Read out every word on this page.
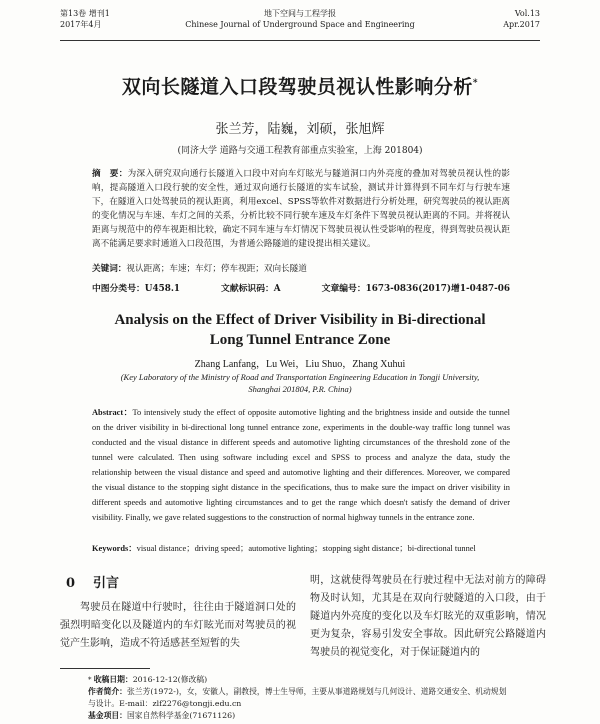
第13卷 增刊1
2017年4月
地下空间与工程学报
Chinese Journal of Underground Space and Engineering
Vol.13
Apr.2017
双向长隧道入口段驾驶员视认性影响分析*
张兰芳，陆巍，刘硕，张旭辉
(同济大学 道路与交通工程教育部重点实验室，上海 201804)
摘　要：为深入研究双向通行长隧道入口段中对向车灯眩光与隧道洞口内外亮度的叠加对驾驶员视认性的影响，提高隧道入口段行驶的安全性，通过双向通行长隧道的实车试验，测试并计算得到不同车灯与行驶车速下，在隧道入口处驾驶员的视认距离，利用excel、SPSS等软件对数据进行分析处理，研究驾驶员的视认距离的变化情况与车速、车灯之间的关系，分析比较不同行驶车速及车灯条件下驾驶员视认距离的不同。并将视认距离与规范中的停车视距相比较，确定不同车速与车灯情况下驾驶员视认性受影响的程度，得到驾驶员视认距离不能满足要求时通道入口段范围，为普通公路隧道的建设提出相关建议。
关键词：视认距离；车速；车灯；停车视距；双向长隧道
中图分类号：U458.1	文献标识码：A	文章编号：1673-0836(2017)增1-0487-06
Analysis on the Effect of Driver Visibility in Bi-directional
Long Tunnel Entrance Zone
Zhang Lanfang，Lu Wei，Liu Shuo，Zhang Xuhui
(Key Laboratory of the Ministry of Road and Transportation Engineering Education in Tongji University, Shanghai 201804, P.R. China)
Abstract：To intensively study the effect of opposite automotive lighting and the brightness inside and outside the tunnel on the driver visibility in bi-directional long tunnel entrance zone, experiments in the double-way traffic long tunnel was conducted and the visual distance in different speeds and automotive lighting circumstances of the threshold zone of the tunnel were calculated. Then using software including excel and SPSS to process and analyze the data, study the relationship between the visual distance and speed and automotive lighting and their differences. Moreover, we compared the visual distance to the stopping sight distance in the specifications, thus to make sure the impact on driver visibility in different speeds and automotive lighting circumstances and to get the range which doesn't satisfy the demand of driver visibility. Finally, we gave related suggestions to the construction of normal highway tunnels in the entrance zone.
Keywords：visual distance；driving speed；automotive lighting；stopping sight distance；bi-directional tunnel
0 引言

驾驶员在隧道中行驶时，往往由于隧道洞口处的强烈明暗变化以及隧道内的车灯眩光而对驾驶员的视觉产生影响，造成不符适感甚至短暂的失

明，这就使得驾驶员在行驶过程中无法对前方的障碍物及时认知，尤其是在双向行驶隧道的入口段，由于隧道内外亮度的变化以及车灯眩光的双重影响，情况更为复杂，容易引发安全事故。因此研究公路隧道内驾驶员的视觉变化，对于保证隧道内的

* 收稿日期：2016-12-12(修改稿)

作者简介：张兰芳(1972-)，女，安徽人，副教授，博士生导师，主要从事道路规划与几何设计、道路交通安全、机动规划与设计。E-mail：zlf2276@tongji.edu.cn

基金项目：国家自然科学基金(71671126)
